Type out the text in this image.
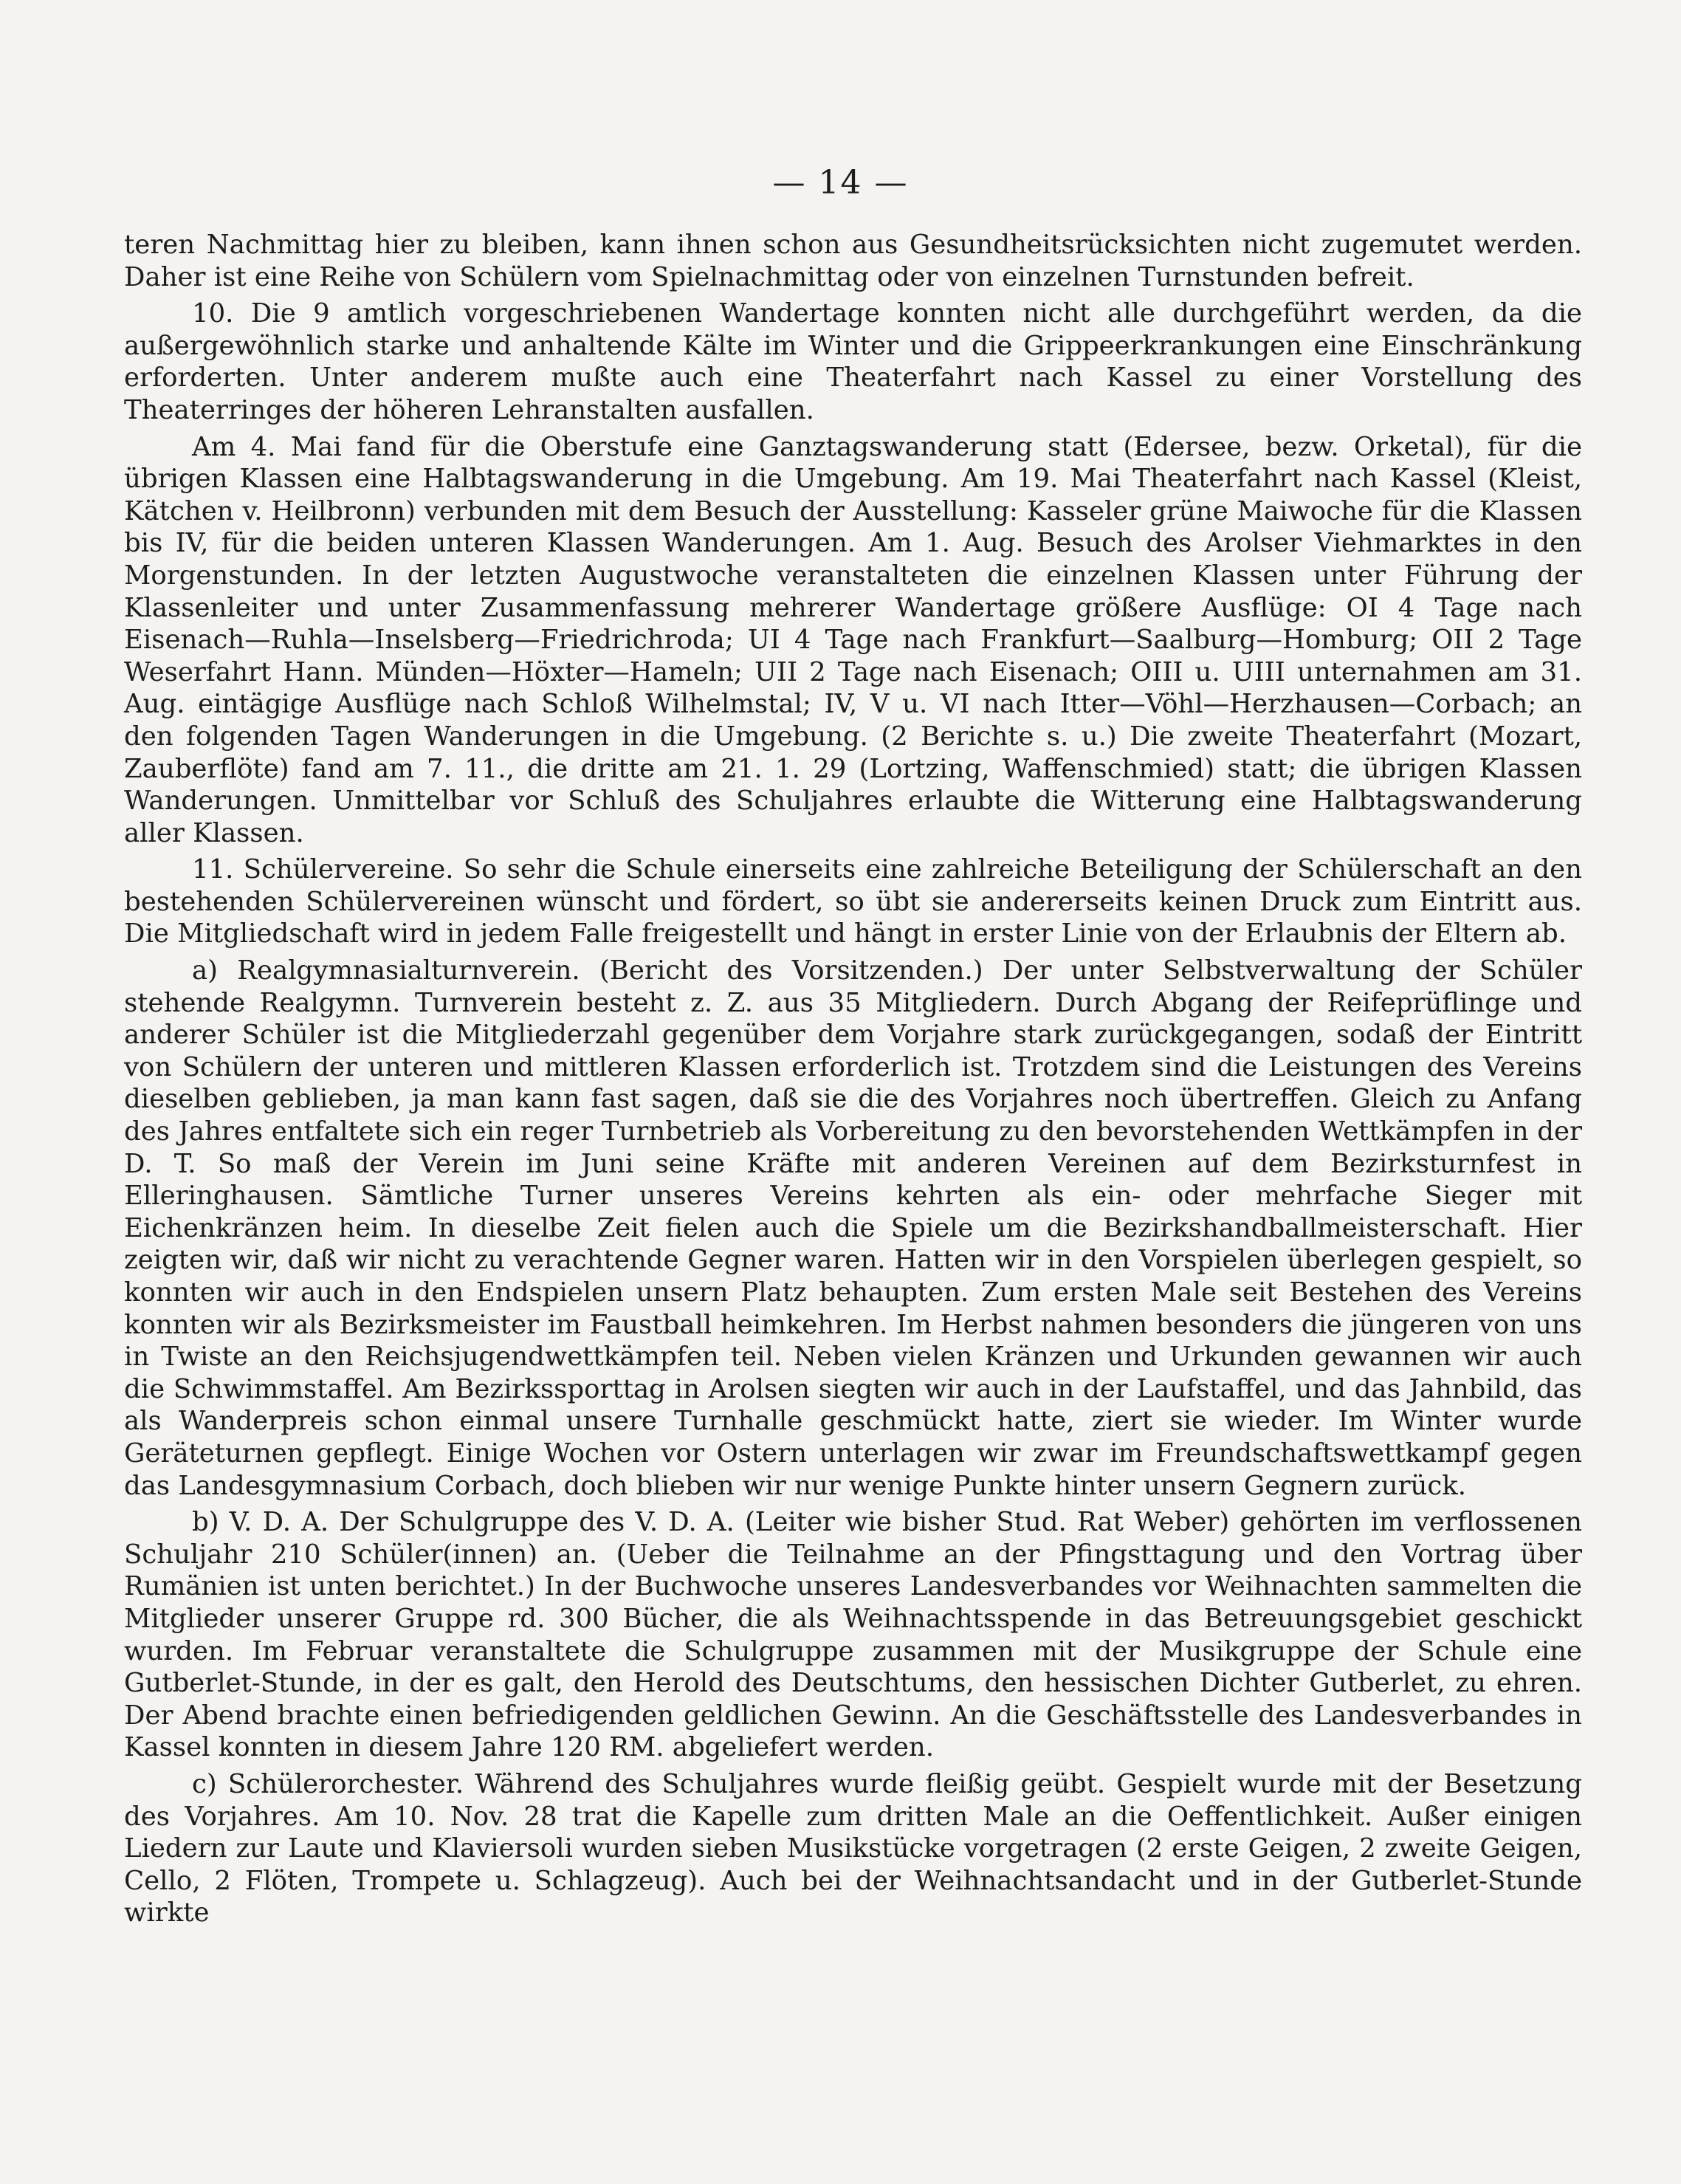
— 14 —

teren Nachmittag hier zu bleiben, kann ihnen schon aus Gesundheitsrücksichten nicht zugemutet werden. Daher ist eine Reihe von Schülern vom Spielnachmittag oder von einzelnen Turnstunden befreit.

10. Die 9 amtlich vorgeschriebenen Wandertage konnten nicht alle durchgeführt werden, da die außergewöhnlich starke und anhaltende Kälte im Winter und die Grippeerkrankungen eine Einschränkung erforderten. Unter anderem mußte auch eine Theaterfahrt nach Kassel zu einer Vorstellung des Theaterringes der höheren Lehranstalten ausfallen.

Am 4. Mai fand für die Oberstufe eine Ganztagswanderung statt (Edersee, bezw. Orketal), für die übrigen Klassen eine Halbtagswanderung in die Umgebung. Am 19. Mai Theaterfahrt nach Kassel (Kleist, Kätchen v. Heilbronn) verbunden mit dem Besuch der Ausstellung: Kasseler grüne Maiwoche für die Klassen bis IV, für die beiden unteren Klassen Wanderungen. Am 1. Aug. Besuch des Arolser Viehmarktes in den Morgenstunden. In der letzten Augustwoche veranstalteten die einzelnen Klassen unter Führung der Klassenleiter und unter Zusammenfassung mehrerer Wandertage größere Ausflüge: OI 4 Tage nach Eisenach—Ruhla—Inselsberg—Friedrichroda; UI 4 Tage nach Frankfurt—Saalburg—Homburg; OII 2 Tage Weserfahrt Hann. Münden—Höxter—Hameln; UII 2 Tage nach Eisenach; OIII u. UIII unternahmen am 31. Aug. eintägige Ausflüge nach Schloß Wilhelmstal; IV, V u. VI nach Itter—Vöhl—Herzhausen—Corbach; an den folgenden Tagen Wanderungen in die Umgebung. (2 Berichte s. u.) Die zweite Theaterfahrt (Mozart, Zauberflöte) fand am 7. 11., die dritte am 21. 1. 29 (Lortzing, Waffenschmied) statt; die übrigen Klassen Wanderungen. Unmittelbar vor Schluß des Schuljahres erlaubte die Witterung eine Halbtagswanderung aller Klassen.

11. Schülervereine. So sehr die Schule einerseits eine zahlreiche Beteiligung der Schülerschaft an den bestehenden Schülervereinen wünscht und fördert, so übt sie andererseits keinen Druck zum Eintritt aus. Die Mitgliedschaft wird in jedem Falle freigestellt und hängt in erster Linie von der Erlaubnis der Eltern ab.

a) Realgymnasialturnverein. (Bericht des Vorsitzenden.) Der unter Selbstverwaltung der Schüler stehende Realgymn. Turnverein besteht z. Z. aus 35 Mitgliedern. Durch Abgang der Reifeprüflinge und anderer Schüler ist die Mitgliederzahl gegenüber dem Vorjahre stark zurückgegangen, sodaß der Eintritt von Schülern der unteren und mittleren Klassen erforderlich ist. Trotzdem sind die Leistungen des Vereins dieselben geblieben, ja man kann fast sagen, daß sie die des Vorjahres noch übertreffen. Gleich zu Anfang des Jahres entfaltete sich ein reger Turnbetrieb als Vorbereitung zu den bevorstehenden Wettkämpfen in der D. T. So maß der Verein im Juni seine Kräfte mit anderen Vereinen auf dem Bezirksturnfest in Elleringhausen. Sämtliche Turner unseres Vereins kehrten als ein- oder mehrfache Sieger mit Eichenkränzen heim. In dieselbe Zeit fielen auch die Spiele um die Bezirkshandballmeisterschaft. Hier zeigten wir, daß wir nicht zu verachtende Gegner waren. Hatten wir in den Vorspielen überlegen gespielt, so konnten wir auch in den Endspielen unsern Platz behaupten. Zum ersten Male seit Bestehen des Vereins konnten wir als Bezirksmeister im Faustball heimkehren. Im Herbst nahmen besonders die jüngeren von uns in Twiste an den Reichsjugendwettkämpfen teil. Neben vielen Kränzen und Urkunden gewannen wir auch die Schwimmstaffel. Am Bezirkssporttag in Arolsen siegten wir auch in der Laufstaffel, und das Jahnbild, das als Wanderpreis schon einmal unsere Turnhalle geschmückt hatte, ziert sie wieder. Im Winter wurde Geräteturnen gepflegt. Einige Wochen vor Ostern unterlagen wir zwar im Freundschaftswettkampf gegen das Landesgymnasium Corbach, doch blieben wir nur wenige Punkte hinter unsern Gegnern zurück.

b) V. D. A. Der Schulgruppe des V. D. A. (Leiter wie bisher Stud. Rat Weber) gehörten im verflossenen Schuljahr 210 Schüler(innen) an. (Ueber die Teilnahme an der Pfingsttagung und den Vortrag über Rumänien ist unten berichtet.) In der Buchwoche unseres Landesverbandes vor Weihnachten sammelten die Mitglieder unserer Gruppe rd. 300 Bücher, die als Weihnachtsspende in das Betreuungsgebiet geschickt wurden. Im Februar veranstaltete die Schulgruppe zusammen mit der Musikgruppe der Schule eine Gutberlet-Stunde, in der es galt, den Herold des Deutschtums, den hessischen Dichter Gutberlet, zu ehren. Der Abend brachte einen befriedigenden geldlichen Gewinn. An die Geschäftsstelle des Landesverbandes in Kassel konnten in diesem Jahre 120 RM. abgeliefert werden.

c) Schülerorchester. Während des Schuljahres wurde fleißig geübt. Gespielt wurde mit der Besetzung des Vorjahres. Am 10. Nov. 28 trat die Kapelle zum dritten Male an die Oeffentlichkeit. Außer einigen Liedern zur Laute und Klaviersoli wurden sieben Musikstücke vorgetragen (2 erste Geigen, 2 zweite Geigen, Cello, 2 Flöten, Trompete u. Schlagzeug). Auch bei der Weihnachtsandacht und in der Gutberlet-Stunde wirkte
